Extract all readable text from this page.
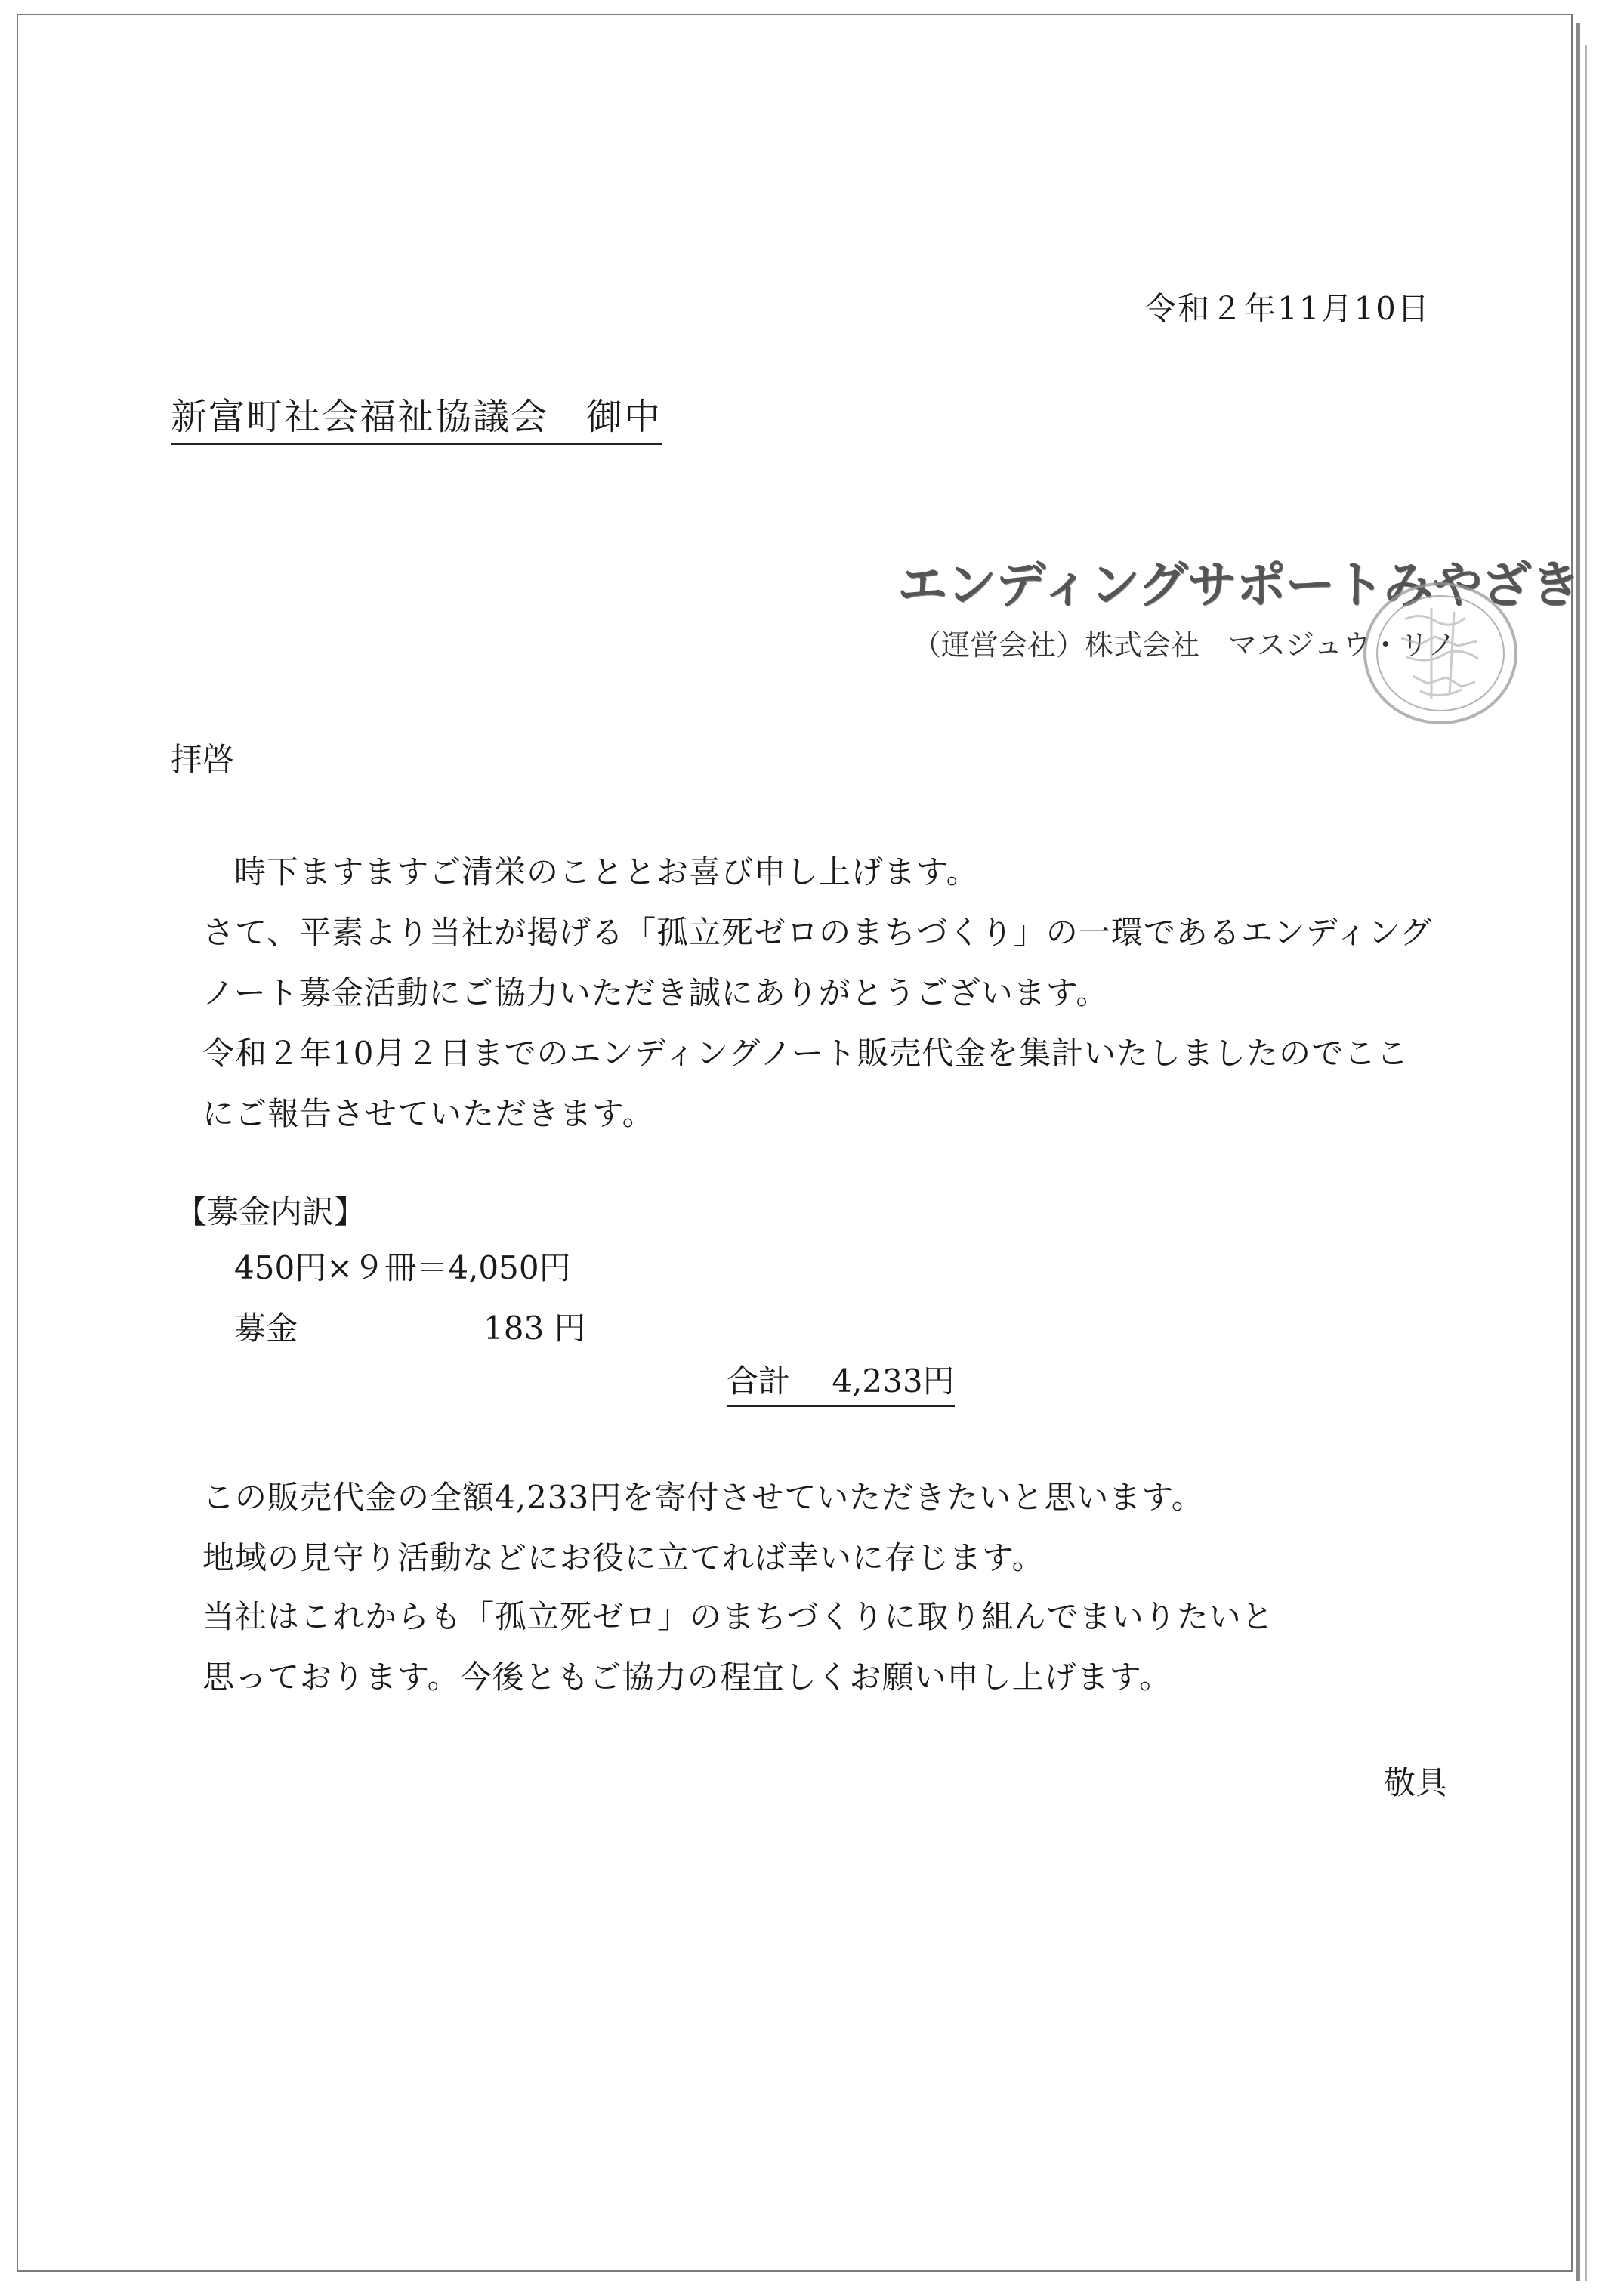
令和２年11月10日
新富町社会福祉協議会　御中
エンディングサポートみやざき
（運営会社）株式会社　マスジュウ・リノ
拝啓
時下ますますご清栄のこととお喜び申し上げます。
さて、平素より当社が掲げる「孤立死ゼロのまちづくり」の一環であるエンディング
ノート募金活動にご協力いただき誠にありがとうございます。
令和２年10月２日までのエンディングノート販売代金を集計いたしましたのでここ
にご報告させていただきます。
【募金内訳】
450円×９冊＝4,050円
募金	183 円
合計　 4,233円
この販売代金の全額4,233円を寄付させていただきたいと思います。
地域の見守り活動などにお役に立てれば幸いに存じます。
当社はこれからも「孤立死ゼロ」のまちづくりに取り組んでまいりたいと
思っております。今後ともご協力の程宜しくお願い申し上げます。
敬具
